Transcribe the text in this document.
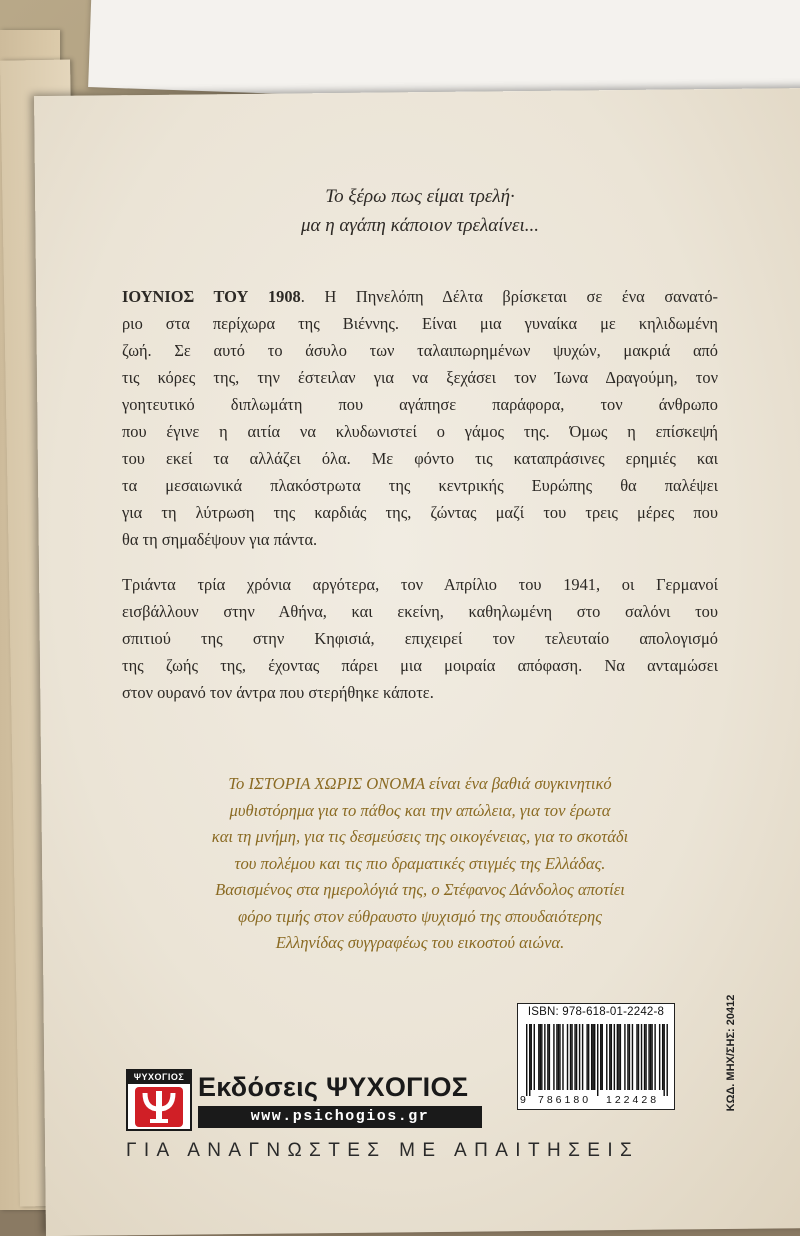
Το ξέρω πως είμαι τρελή·
μα η αγάπη κάποιον τρελαίνει...
ΙΟΥΝΙΟΣ ΤΟΥ 1908. Η Πηνελόπη Δέλτα βρίσκεται σε ένα σανατό-
ριο στα περίχωρα της Βιέννης. Είναι μια γυναίκα με κηλιδωμένη
ζωή. Σε αυτό το άσυλο των ταλαιπωρημένων ψυχών, μακριά από
τις κόρες της, την έστειλαν για να ξεχάσει τον Ίωνα Δραγούμη, τον
γοητευτικό διπλωμάτη που αγάπησε παράφορα, τον άνθρωπο
που έγινε η αιτία να κλυδωνιστεί ο γάμος της. Όμως η επίσκεψή
του εκεί τα αλλάζει όλα. Με φόντο τις καταπράσινες ερημιές και
τα μεσαιωνικά πλακόστρωτα της κεντρικής Ευρώπης θα παλέψει
για τη λύτρωση της καρδιάς της, ζώντας μαζί του τρεις μέρες που
θα τη σημαδέψουν για πάντα.
Τριάντα τρία χρόνια αργότερα, τον Απρίλιο του 1941, οι Γερμανοί
εισβάλλουν στην Αθήνα, και εκείνη, καθηλωμένη στο σαλόνι του
σπιτιού της στην Κηφισιά, επιχειρεί τον τελευταίο απολογισμό
της ζωής της, έχοντας πάρει μια μοιραία απόφαση. Να ανταμώσει
στον ουρανό τον άντρα που στερήθηκε κάποτε.
Το ΙΣΤΟΡΙΑ ΧΩΡΙΣ ΟΝΟΜΑ είναι ένα βαθιά συγκινητικό
μυθιστόρημα για το πάθος και την απώλεια, για τον έρωτα
και τη μνήμη, για τις δεσμεύσεις της οικογένειας, για το σκοτάδι
του πολέμου και τις πιο δραματικές στιγμές της Ελλάδας.
Βασισμένος στα ημερολόγιά της, ο Στέφανος Δάνδολος αποτίει
φόρο τιμής στον εύθραυστο ψυχισμό της σπουδαιότερης
Ελληνίδας συγγραφέως του εικοστού αιώνα.
ΨΥΧΟΓΙΟΣ Εκδόσεις ΨΥΧΟΓΙΟΣ
www.psichogios.gr
ΓΙΑ ΑΝΑΓΝΩΣΤΕΣ ΜΕ ΑΠΑΙΤΗΣΕΙΣ
ISBN: 978-618-01-2242-8
9 786180 122428	ΚΩΔ. ΜΗΧ/ΣΗΣ: 20412
